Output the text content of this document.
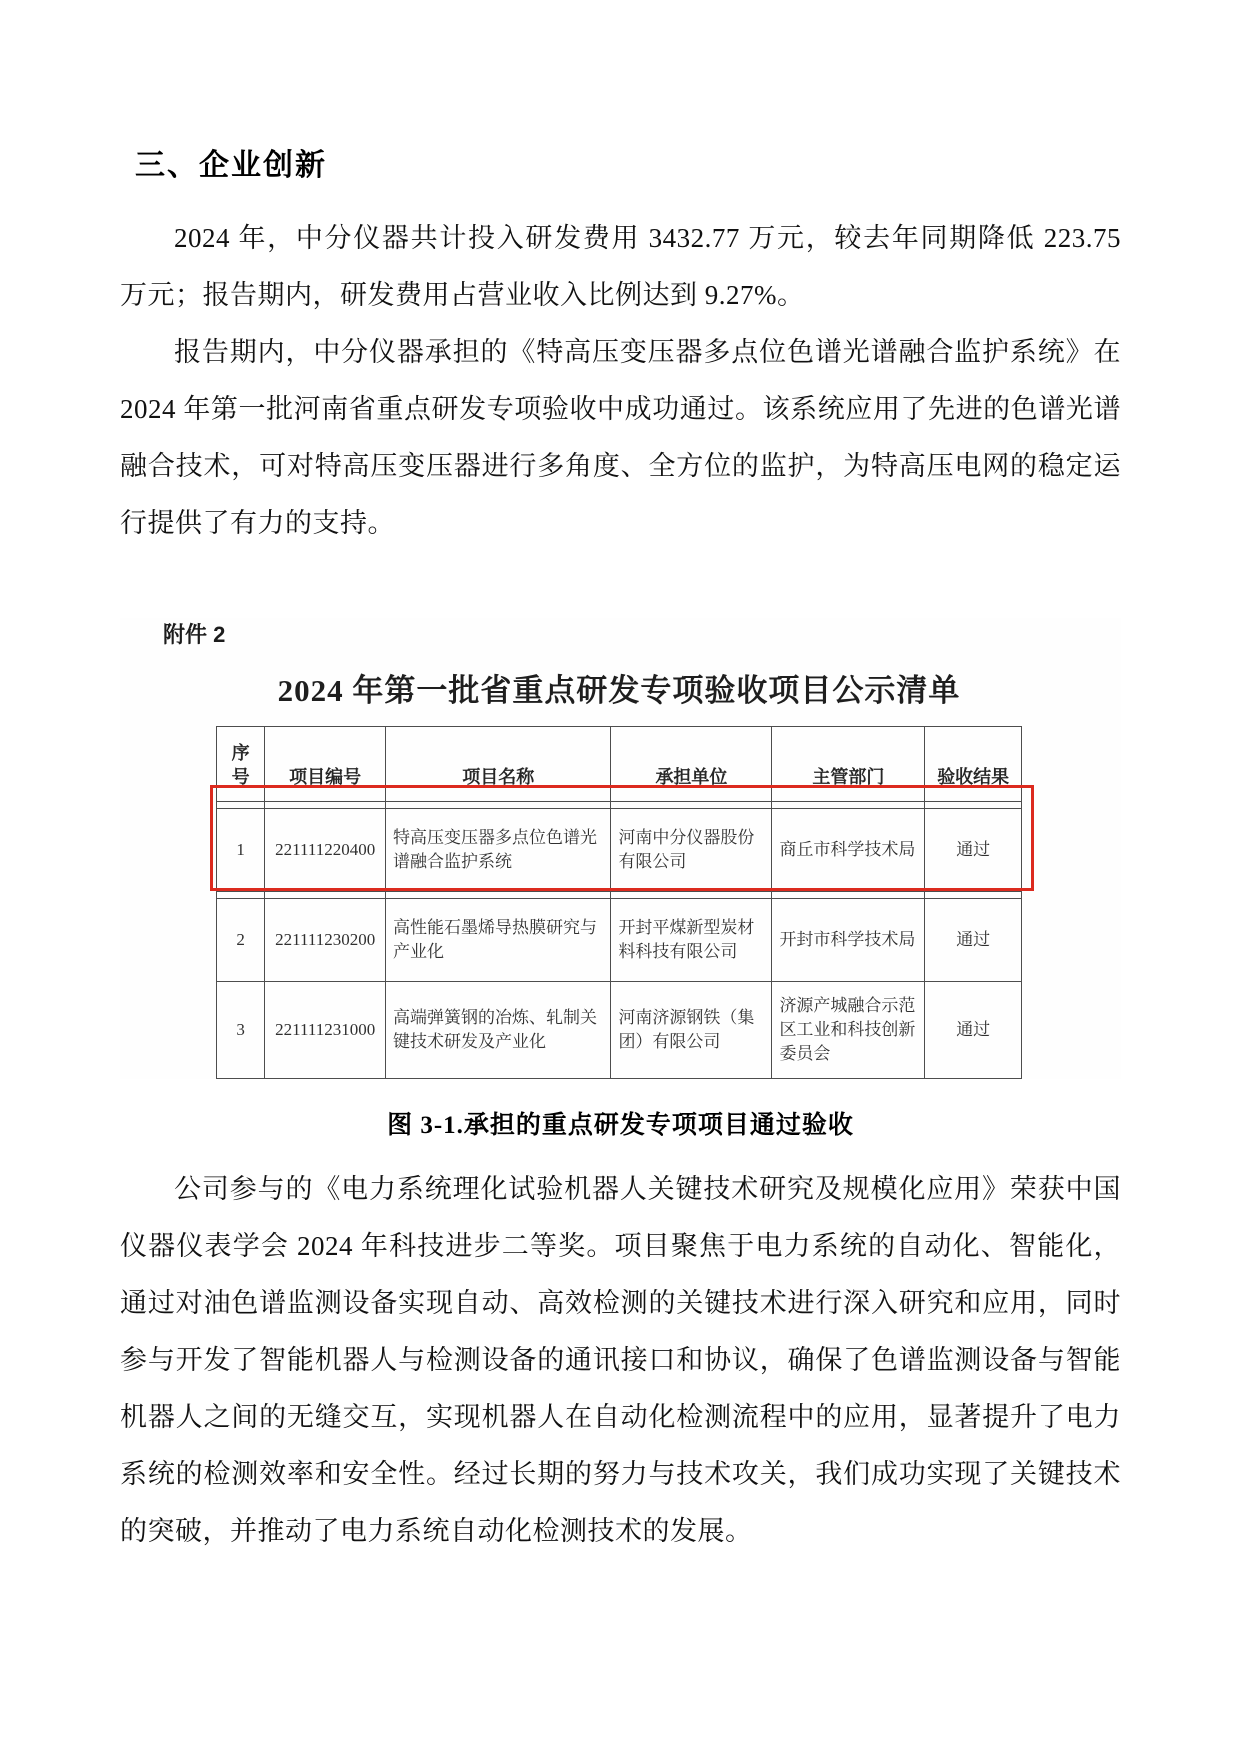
三、企业创新

2024 年，中分仪器共计投入研发费用 3432.77 万元，较去年同期降低 223.75 万元；报告期内，研发费用占营业收入比例达到 9.27%。

报告期内，中分仪器承担的《特高压变压器多点位色谱光谱融合监护系统》在 2024 年第一批河南省重点研发专项验收中成功通过。该系统应用了先进的色谱光谱融合技术，可对特高压变压器进行多角度、全方位的监护，为特高压电网的稳定运行提供了有力的支持。

附件 2
2024 年第一批省重点研发专项验收项目公示清单
序号	项目编号	项目名称	承担单位	主管部门	验收结果

1	221111220400	特高压变压器多点位色谱光谱融合监护系统	河南中分仪器股份有限公司	商丘市科学技术局	通过

2	221111230200	高性能石墨烯导热膜研究与产业化	开封平煤新型炭材料科技有限公司	开封市科学技术局	通过
3	221111231000	高端弹簧钢的冶炼、轧制关键技术研发及产业化	河南济源钢铁（集团）有限公司	济源产城融合示范区工业和科技创新委员会	通过
图 3-1.承担的重点研发专项项目通过验收

公司参与的《电力系统理化试验机器人关键技术研究及规模化应用》荣获中国仪器仪表学会 2024 年科技进步二等奖。项目聚焦于电力系统的自动化、智能化，通过对油色谱监测设备实现自动、高效检测的关键技术进行深入研究和应用，同时参与开发了智能机器人与检测设备的通讯接口和协议，确保了色谱监测设备与智能机器人之间的无缝交互，实现机器人在自动化检测流程中的应用，显著提升了电力系统的检测效率和安全性。经过长期的努力与技术攻关，我们成功实现了关键技术的突破，并推动了电力系统自动化检测技术的发展。
